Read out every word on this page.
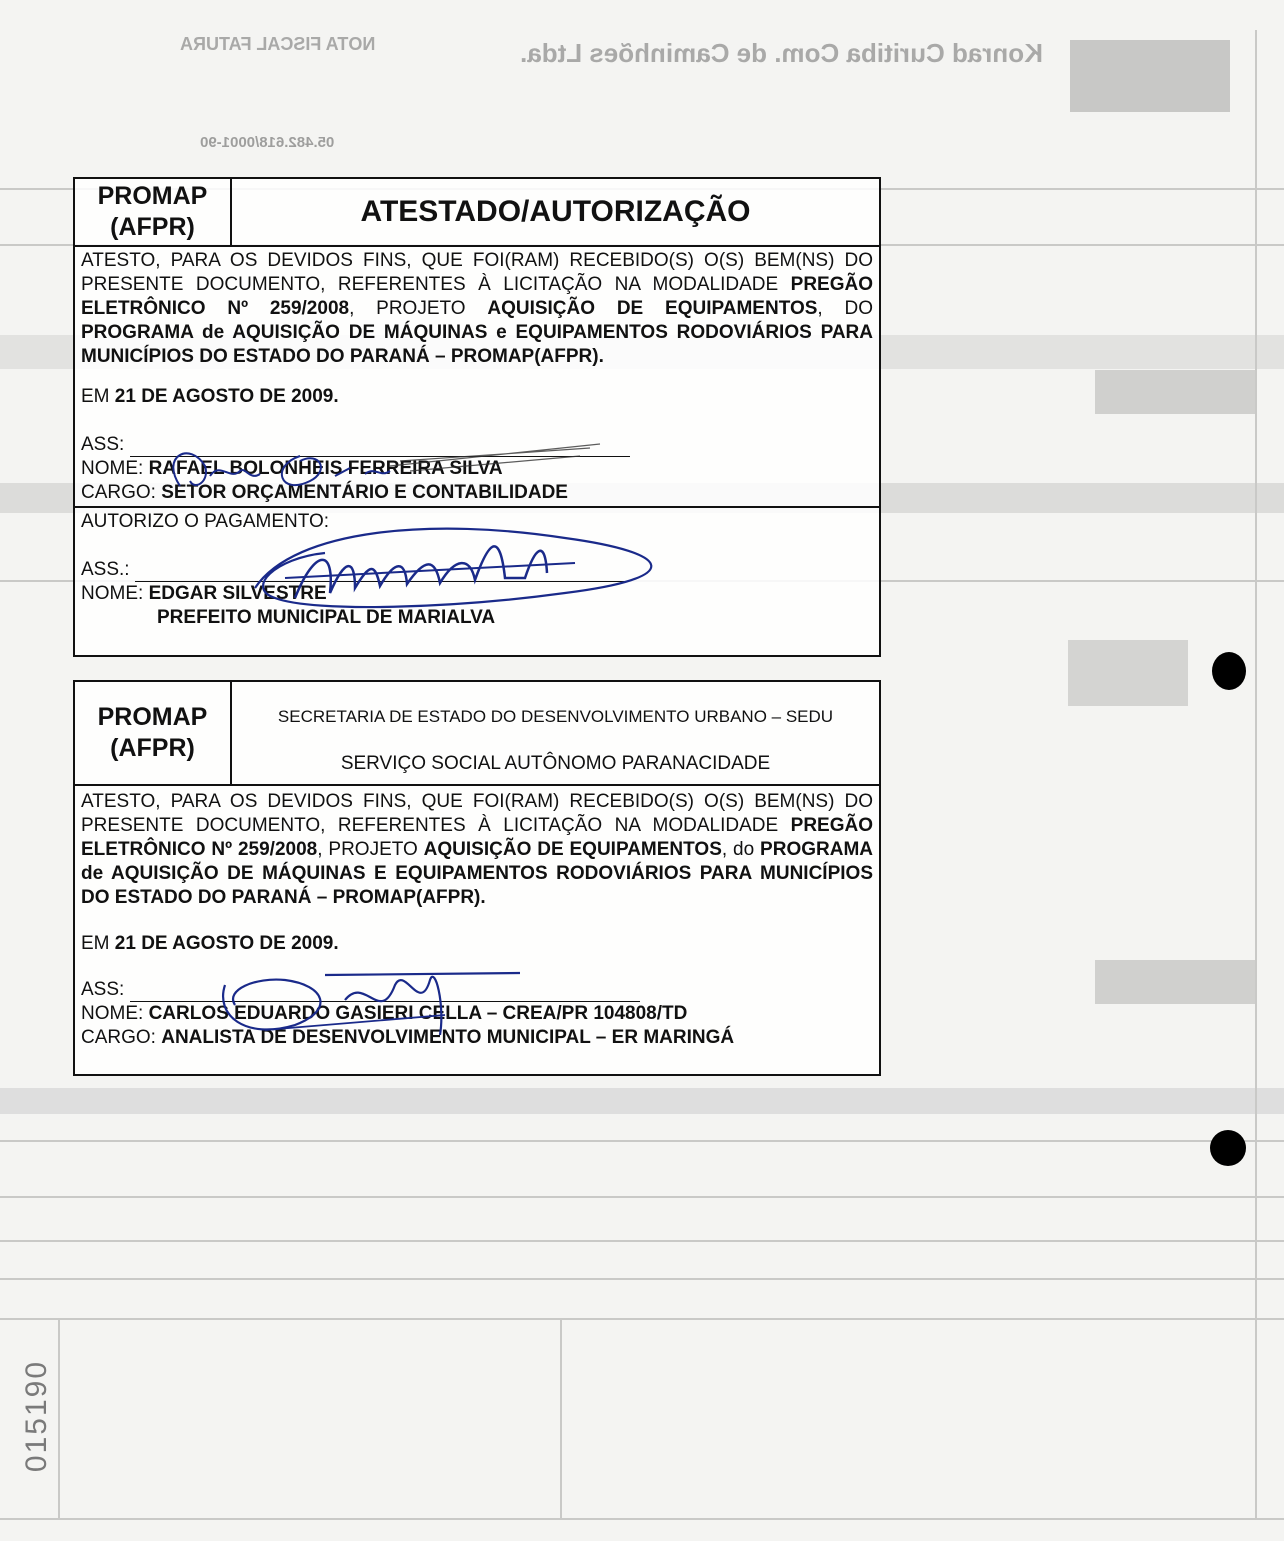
Konrad Curitiba Com. de Caminhões Ltda.
NOTA FISCAL FATURA
05.482.618/0001-90
015190
PROMAP
(AFPR)	ATESTADO/AUTORIZAÇÃO
ATESTO, PARA OS DEVIDOS FINS, QUE FOI(RAM) RECEBIDO(S) O(S) BEM(NS) DO PRESENTE DOCUMENTO, REFERENTES À LICITAÇÃO NA MODALIDADE PREGÃO ELETRÔNICO Nº 259/2008, PROJETO AQUISIÇÃO DE EQUIPAMENTOS, DO PROGRAMA de AQUISIÇÃO DE MÁQUINAS e EQUIPAMENTOS RODOVIÁRIOS PARA MUNICÍPIOS DO ESTADO DO PARANÁ – PROMAP(AFPR).
EM 21 DE AGOSTO DE 2009.
ASS:
NOME: RAFAEL BOLONHEIS FERREIRA SILVA
CARGO: SETOR ORÇAMENTÁRIO E CONTABILIDADE
AUTORIZO O PAGAMENTO:
ASS.:
NOME: EDGAR SILVESTRE
PREFEITO MUNICIPAL DE MARIALVA
PROMAP
(AFPR)
SECRETARIA DE ESTADO DO DESENVOLVIMENTO URBANO – SEDU
SERVIÇO SOCIAL AUTÔNOMO PARANACIDADE
ATESTO, PARA OS DEVIDOS FINS, QUE FOI(RAM) RECEBIDO(S) O(S) BEM(NS) DO PRESENTE DOCUMENTO, REFERENTES À LICITAÇÃO NA MODALIDADE PREGÃO ELETRÔNICO Nº 259/2008, PROJETO AQUISIÇÃO DE EQUIPAMENTOS, do PROGRAMA de AQUISIÇÃO DE MÁQUINAS E EQUIPAMENTOS RODOVIÁRIOS PARA MUNICÍPIOS DO ESTADO DO PARANÁ – PROMAP(AFPR).
EM 21 DE AGOSTO DE 2009.
ASS:
NOME: CARLOS EDUARDO GASIERI CELLA – CREA/PR 104808/TD
CARGO: ANALISTA DE DESENVOLVIMENTO MUNICIPAL – ER MARINGÁ
